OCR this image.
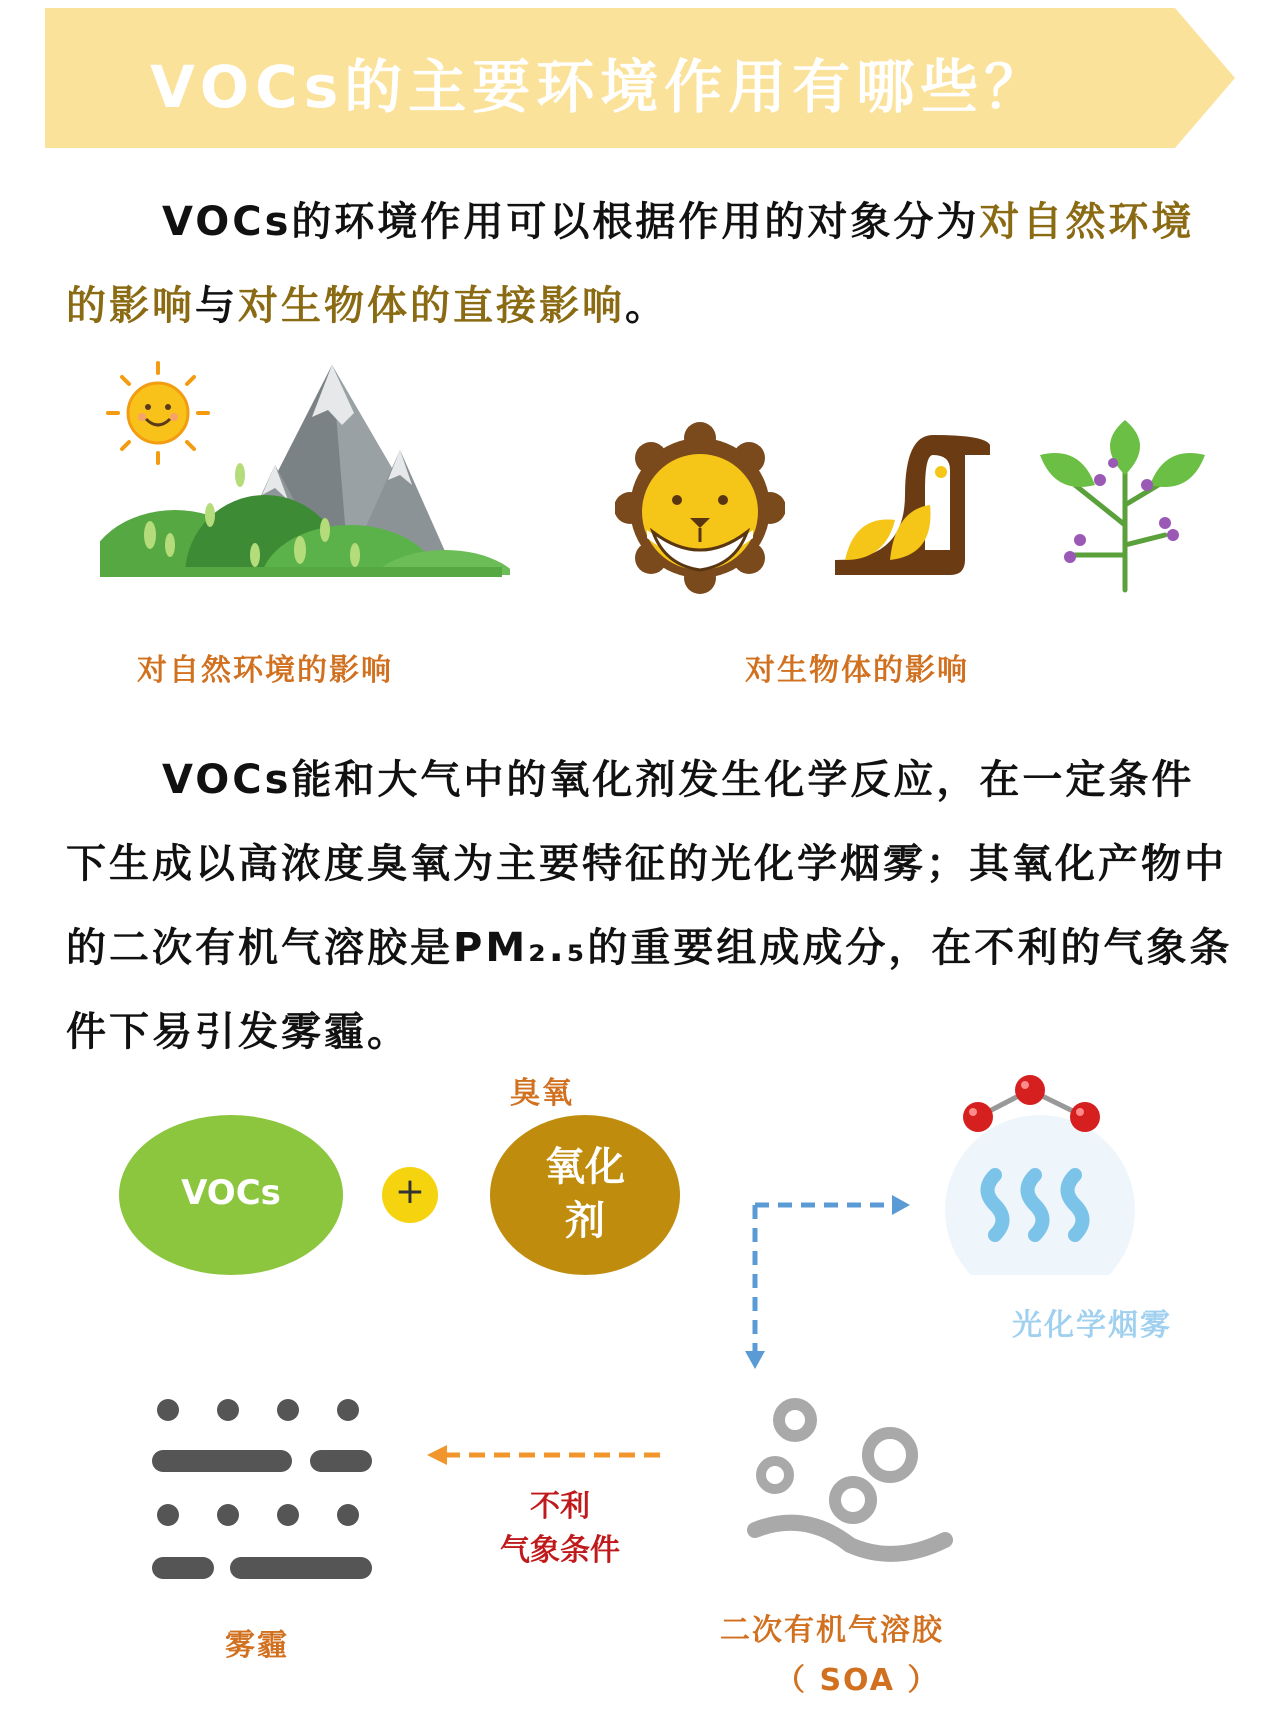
VOCs的主要环境作用有哪些？
VOCs的环境作用可以根据作用的对象分为对自然环境的影响与对生物体的直接影响。
对自然环境的影响	对生物体的影响
VOCs能和大气中的氧化剂发生化学反应，在一定条件下生成以高浓度臭氧为主要特征的光化学烟雾；其氧化产物中的二次有机气溶胶是PM₂.₅的重要组成成分，在不利的气象条件下易引发雾霾。
臭氧
VOCs	+
氧化
剂
光化学烟雾
二次有机气溶胶
（ SOA ）
不利
气象条件
雾霾
